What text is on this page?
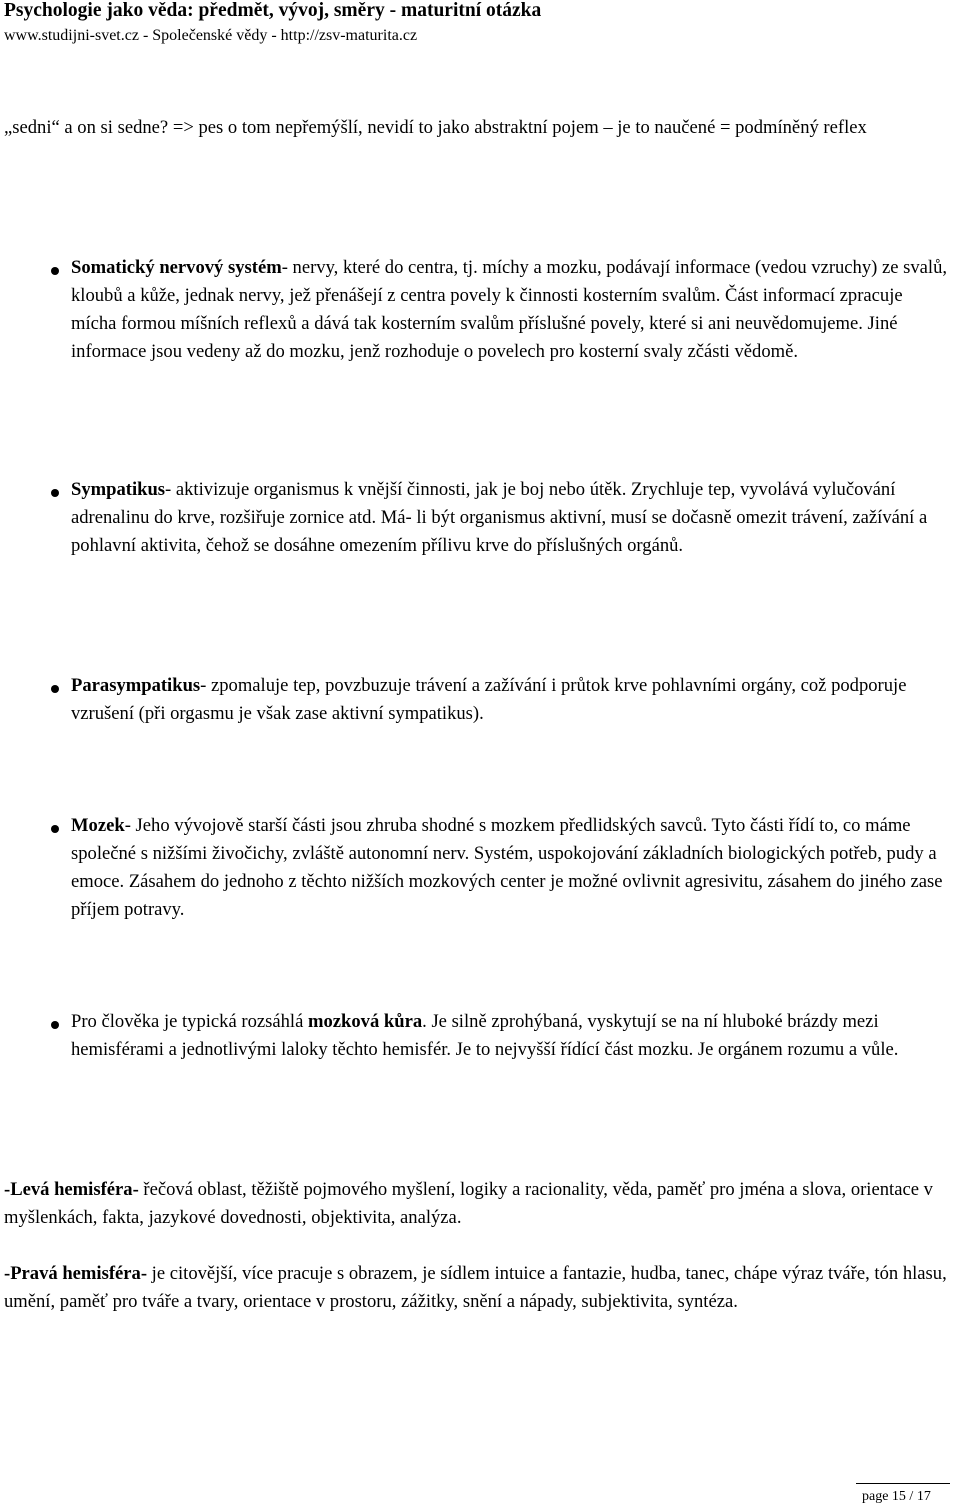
Psychologie jako věda: předmět, vývoj, směry - maturitní otázka
www.studijni-svet.cz - Společenské vědy - http://zsv-maturita.cz

„sedni“ a on si sedne? => pes o tom nepřemýšlí, nevidí to jako abstraktní pojem – je to naučené = podmíněný reflex

Somatický nervový systém- nervy, které do centra, tj. míchy a mozku, podávají informace (vedou vzruchy) ze svalů, kloubů a kůže, jednak nervy, jež přenášejí z centra povely k činnosti kosterním svalům. Část informací zpracuje mícha formou míšních reflexů a dává tak kosterním svalům příslušné povely, které si ani neuvědomujeme. Jiné informace jsou vedeny až do mozku, jenž rozhoduje o povelech pro kosterní svaly zčásti vědomě.

Sympatikus- aktivizuje organismus k vnější činnosti, jak je boj nebo útěk. Zrychluje tep, vyvolává vylučování adrenalinu do krve, rozšiřuje zornice atd. Má- li být organismus aktivní, musí se dočasně omezit trávení, zažívání a pohlavní aktivita, čehož se dosáhne omezením přílivu krve do příslušných orgánů.

Parasympatikus- zpomaluje tep, povzbuzuje trávení a zažívání i průtok krve pohlavními orgány, což podporuje vzrušení (při orgasmu je však zase aktivní sympatikus).

Mozek- Jeho vývojově starší části jsou zhruba shodné s mozkem předlidských savců. Tyto části řídí to, co máme společné s nižšími živočichy, zvláště autonomní nerv. Systém, uspokojování základních biologických potřeb, pudy a emoce. Zásahem do jednoho z těchto nižších mozkových center je možné ovlivnit agresivitu, zásahem do jiného zase příjem potravy.

Pro člověka je typická rozsáhlá mozková kůra. Je silně zprohýbaná, vyskytují se na ní hluboké brázdy mezi hemisférami a jednotlivými laloky těchto hemisfér. Je to nejvyšší řídící část mozku. Je orgánem rozumu a vůle.

-Levá hemisféra- řečová oblast, těžiště pojmového myšlení, logiky a racionality, věda, paměť pro jména a slova, orientace v myšlenkách, fakta, jazykové dovednosti, objektivita, analýza.

-Pravá hemisféra- je citovější, více pracuje s obrazem, je sídlem intuice a fantazie, hudba, tanec, chápe výraz tváře, tón hlasu, umění, paměť pro tváře a tvary, orientace v prostoru, zážitky, snění a nápady, subjektivita, syntéza.

page 15 / 17
